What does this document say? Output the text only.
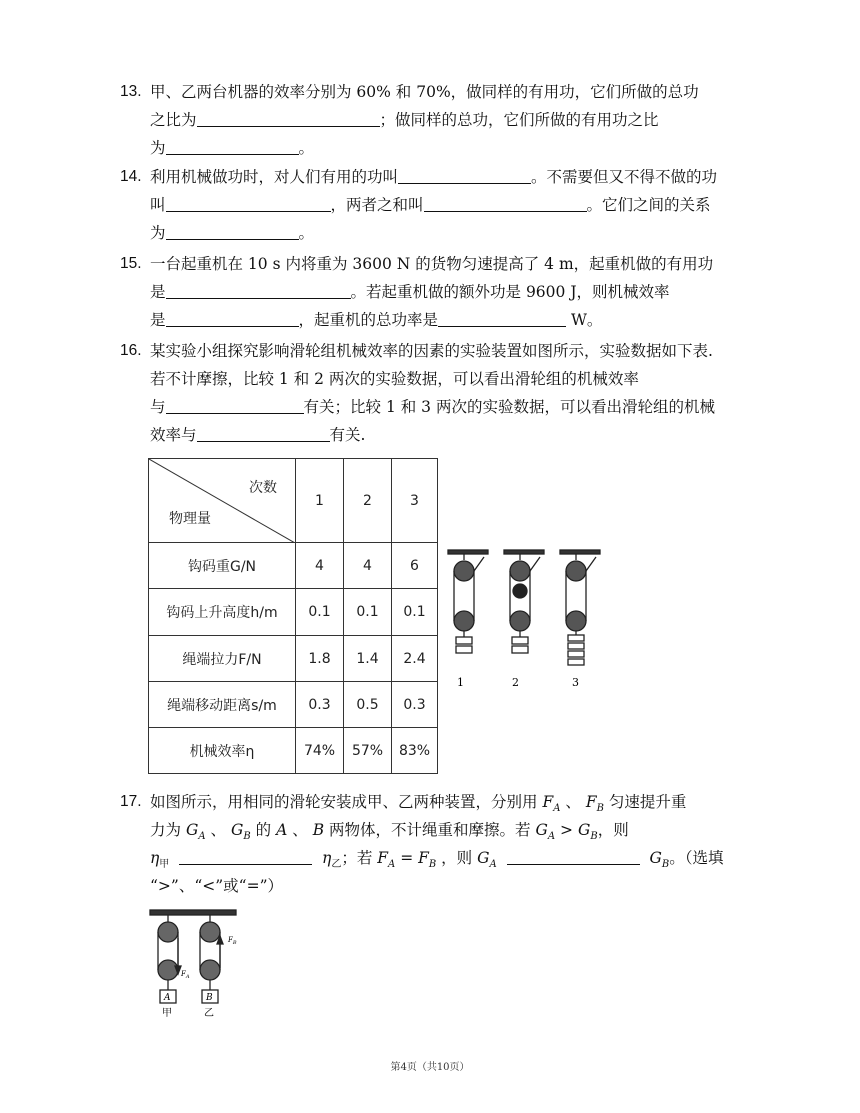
13. 甲、乙两台机器的效率分别为 60% 和 70%，做同样的有用功，它们所做的总功
之比为	；做同样的总功，它们所做的有用功之比
为	。
14. 利用机械做功时，对人们有用的功叫	。不需要但又不得不做的功
叫	，两者之和叫	。它们之间的关系
为	。
15. 一台起重机在 10 s 内将重为 3600 N 的货物匀速提高了 4 m，起重机做的有用功
是	。若起重机做的额外功是 9600 J，则机械效率
是	，起重机的总功率是	W。
16. 某实验小组探究影响滑轮组机械效率的因素的实验装置如图所示，实验数据如下表.
若不计摩擦，比较 1 和 2 两次的实验数据，可以看出滑轮组的机械效率
与	有关；比较 1 和 3 两次的实验数据，可以看出滑轮组的机械
效率与	有关.
次数
物理量	1	2	3
钩码重G/N	4	4	6
钩码上升高度h/m	0.1	0.1	0.1
绳端拉力F/N	1.8	1.4	2.4
绳端移动距离s/m	0.3	0.5	0.3
机械效率η	74%	57%	83%
1	2	3
17. 如图所示，用相同的滑轮安装成甲、乙两种装置，分别用 $F_A$ 、 $F_B$ 匀速提升重
力为 $G_A$ 、 $G_B$ 的 A 、 B 两物体，不计绳重和摩擦。若 $G_A > G_B$，则
$\eta_甲$	$\eta_乙$；若 $F_A = F_B$ ，则 $G_A$	$G_B$。（选填
“>”、“<”或“=”）
$F_B$
$F_A$
A	B
甲	乙
第4页（共10页）
